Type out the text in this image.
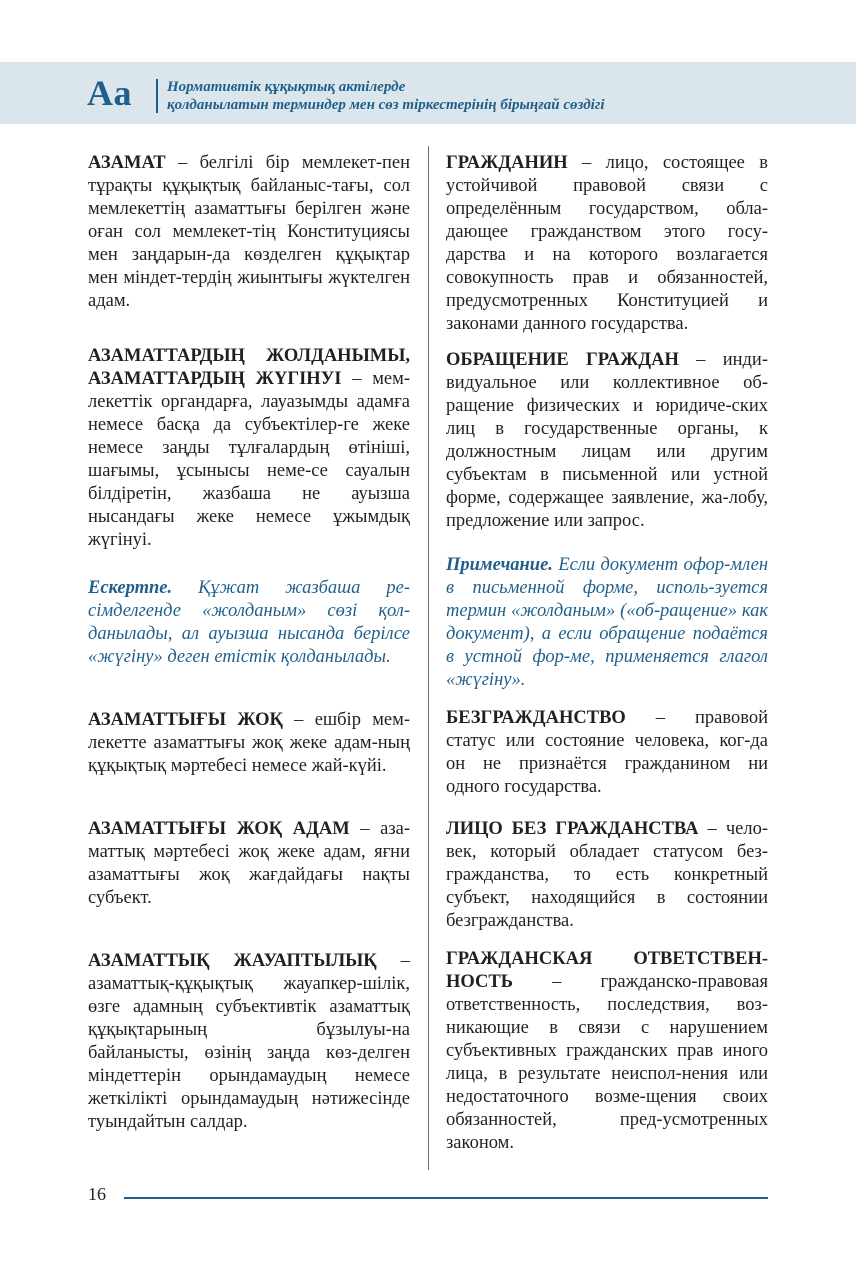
Аа Нормативтік құқықтық актілерде
қолданылатын терминдер мен сөз тіркестерінің бірыңғай сөздігі

АЗАМАТ – белгілі бір мемлекет-пен тұрақты құқықтық байланыс-тағы, сол мемлекеттің азаматтығы берілген және оған сол мемлекет-тің Конституциясы мен заңдарын-да көзделген құқықтар мен міндет-тердің жиынтығы жүктелген адам.

АЗАМАТТАРДЫҢ ЖОЛДАНЫМЫ, АЗАМАТТАРДЫҢ ЖҮГІНУІ – мем-лекеттік органдарға, лауазымды адамға немесе басқа да субъектілер-ге жеке немесе заңды тұлғалардың өтініші, шағымы, ұсынысы неме-се сауалын білдіретін, жазбаша не ауызша нысандағы жеке немесе ұжымдық жүгінуі.

Ескертпе. Құжат жазбаша ре-сімделгенде «жолданым» сөзі қол-данылады, ал ауызша нысанда берілсе «жүгіну» деген етістік қолданылады.

АЗАМАТТЫҒЫ ЖОҚ – ешбір мем-лекетте азаматтығы жоқ жеке адам-ның құқықтық мәртебесі немесе жай-күйі.

АЗАМАТТЫҒЫ ЖОҚ АДАМ – аза-маттық мәртебесі жоқ жеке адам, яғни азаматтығы жоқ жағдайдағы нақты субъект.

АЗАМАТТЫҚ ЖАУАПТЫЛЫҚ – азаматтық-құқықтық жауапкер-шілік, өзге адамның субъективтік азаматтық құқықтарының бұзылуы-на байланысты, өзінің заңда көз-делген міндеттерін орындамаудың немесе жеткілікті орындамаудың нәтижесінде туындайтын салдар.

ГРАЖДАНИН – лицо, состоящее в устойчивой правовой связи с определённым государством, обла-дающее гражданством этого госу-дарства и на которого возлагается совокупность прав и обязанностей, предусмотренных Конституцией и законами данного государства.

ОБРАЩЕНИЕ ГРАЖДАН – инди-видуальное или коллективное об-ращение физических и юридиче-ских лиц в государственные органы, к должностным лицам или другим субъектам в письменной или устной форме, содержащее заявление, жа-лобу, предложение или запрос.

Примечание. Если документ офор-млен в письменной форме, исполь-зуется термин «жолданым» («об-ращение» как документ), а если обращение подаётся в устной фор-ме, применяется глагол «жүгіну».

БЕЗГРАЖДАНСТВО – правовой статус или состояние человека, ког-да он не признаётся гражданином ни одного государства.

ЛИЦО БЕЗ ГРАЖДАНСТВА – чело-век, который обладает статусом без-гражданства, то есть конкретный субъект, находящийся в состоянии безгражданства.

ГРАЖДАНСКАЯ ОТВЕТСТВЕН-НОСТЬ – гражданско-правовая ответственность, последствия, воз-никающие в связи с нарушением субъективных гражданских прав иного лица, в результате неиспол-нения или недостаточного возме-щения своих обязанностей, пред-усмотренных законом.

16
